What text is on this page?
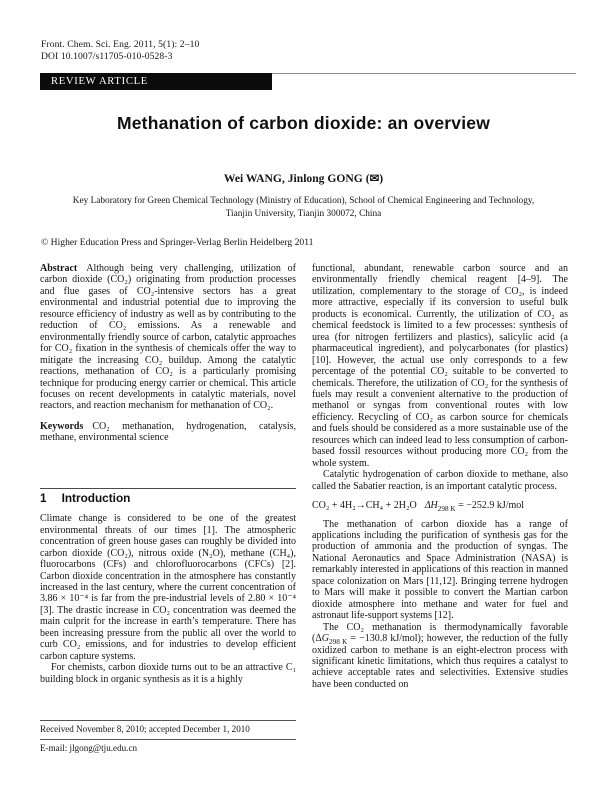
Front. Chem. Sci. Eng. 2011, 5(1): 2–10
DOI 10.1007/s11705-010-0528-3
REVIEW ARTICLE
Methanation of carbon dioxide: an overview
Wei WANG, Jinlong GONG (✉)
Key Laboratory for Green Chemical Technology (Ministry of Education), School of Chemical Engineering and Technology,
Tianjin University, Tianjin 300072, China
© Higher Education Press and Springer-Verlag Berlin Heidelberg 2011

Abstract Although being very challenging, utilization of carbon dioxide (CO₂) originating from production processes and flue gases of CO₂-intensive sectors has a great environmental and industrial potential due to improving the resource efficiency of industry as well as by contributing to the reduction of CO₂ emissions. As a renewable and environmentally friendly source of carbon, catalytic approaches for CO₂ fixation in the synthesis of chemicals offer the way to mitigate the increasing CO₂ buildup. Among the catalytic reactions, methanation of CO₂ is a particularly promising technique for producing energy carrier or chemical. This article focuses on recent developments in catalytic materials, novel reactors, and reaction mechanism for methanation of CO₂.

Keywords CO₂ methanation, hydrogenation, catalysis, methane, environmental science

1 Introduction

Climate change is considered to be one of the greatest environmental threats of our times [1]. The atmospheric concentration of green house gases can roughly be divided into carbon dioxide (CO₂), nitrous oxide (N₂O), methane (CH₄), fluorocarbons (CFs) and chlorofluorocarbons (CFCs) [2]. Carbon dioxide concentration in the atmosphere has constantly increased in the last century, where the current concentration of 3.86 × 10⁻⁴ is far from the pre-industrial levels of 2.80 × 10⁻⁴ [3]. The drastic increase in CO₂ concentration was deemed the main culprit for the increase in earth’s temperature. There has been increasing pressure from the public all over the world to curb CO₂ emissions, and for industries to develop efficient carbon capture systems.

For chemists, carbon dioxide turns out to be an attractive C₁ building block in organic synthesis as it is a highly

functional, abundant, renewable carbon source and an environmentally friendly chemical reagent [4–9]. The utilization, complementary to the storage of CO₂, is indeed more attractive, especially if its conversion to useful bulk products is economical. Currently, the utilization of CO₂ as chemical feedstock is limited to a few processes: synthesis of urea (for nitrogen fertilizers and plastics), salicylic acid (a pharmaceutical ingredient), and polycarbonates (for plastics) [10]. However, the actual use only corresponds to a few percentage of the potential CO₂ suitable to be converted to chemicals. Therefore, the utilization of CO₂ for the synthesis of fuels may result a convenient alternative to the production of methanol or syngas from conventional routes with low efficiency. Recycling of CO₂ as carbon source for chemicals and fuels should be considered as a more sustainable use of the resources which can indeed lead to less consumption of carbon-based fossil resources without producing more CO₂ from the whole system.

Catalytic hydrogenation of carbon dioxide to methane, also called the Sabatier reaction, is an important catalytic process.

CO₂ + 4H₂→CH₄ + 2H₂O $\Delta H_{298 K} = -252.9$ kJ/mol

The methanation of carbon dioxide has a range of applications including the purification of synthesis gas for the production of ammonia and the production of syngas. The National Aeronautics and Space Administration (NASA) is remarkably interested in applications of this reaction in manned space colonization on Mars [11,12]. Bringing terrene hydrogen to Mars will make it possible to convert the Martian carbon dioxide atmosphere into methane and water for fuel and astronaut life-support systems [12].

The CO₂ methanation is thermodynamically favorable ($\Delta G_{298 K} = -130.8$ kJ/mol); however, the reduction of the fully oxidized carbon to methane is an eight-electron process with significant kinetic limitations, which thus requires a catalyst to achieve acceptable rates and selectivities. Extensive studies have been conducted on

Received November 8, 2010; accepted December 1, 2010
E-mail: jlgong@tju.edu.cn
